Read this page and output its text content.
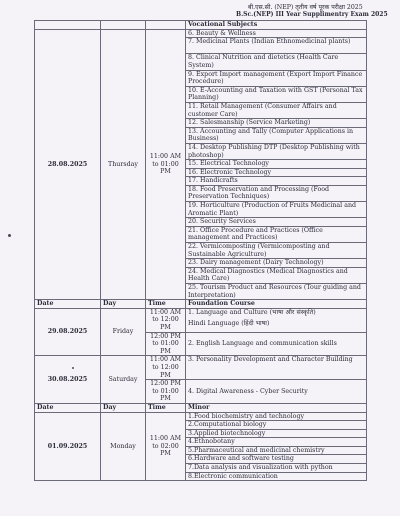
बी.एस.सी. (NEP) तृतीय वर्ष पूरक परीक्षा 2025
B.Sc.(NEP) III Year Supplimentry Exam 2025
			Vocational Subjects
28.08.2025	Thursday	11:00 AM to 01:00 PM	6. Beauty & Wellness
			7. Medicinal Plants (Indian Ethnomedicinal plants)
			8. Clinical Nutrition and dietetics (Health Care System)
			9. Export Import management (Export Import Finance Procedure)
			10. E-Accounting and Taxation with GST (Personal Tax Planning)
			11. Retail Management (Consumer Affairs and customer Care)
			12. Salesmanship (Service Marketing)
			13. Accounting and Tally (Computer Applications in Business)
			14. Desktop Publishing DTP (Desktop Publishing with photoshop)
			15. Electrical Technology
			16. Electronic Technology
			17. Handicrafts
			18. Food Preservation and Processing (Food Preservation Techniques)
			19. Horticulture (Production of Fruits Medicinal and Aromatic Plant)
			20. Security Services
			21. Office Procedure and Practices (Office management and Practices)
			22. Vermicomposting (Vermicomposting and Sustainable Agriculture)
			23. Dairy management (Dairy Technology)
			24. Medical Diagnostics (Medical Diagnostics and Health Care)
			25. Tourism Product and Resources (Tour guiding and Interpretation)
Date	Day	Time	Foundation Course
29.08.2025	Friday	11:00 AM to 12:00 PM	1. Language and Culture (भाषा और संस्कृति)
Hindi Language (हिंदी भाषा)

		12:00 PM to 01:00 PM	2. English Language and communication skills
30.08.2025	Saturday	11:00 AM to 12:00 PM	3. Personality Development and Character Building

		12:00 PM to 01:00 PM	4. Digital Awareness - Cyber Security
Date	Day	Time	Minor
01.09.2025	Monday	11:00 AM to 02:00 PM	1.Food biochemistry and technology
			2.Computational biology
			3.Applied biotechnology
			4.Ethnobotany
			5.Pharmaceutical and medicinal chemistry
			6.Hardware and software testing
			7.Data analysis and visualization with python
			8.Electronic communication
